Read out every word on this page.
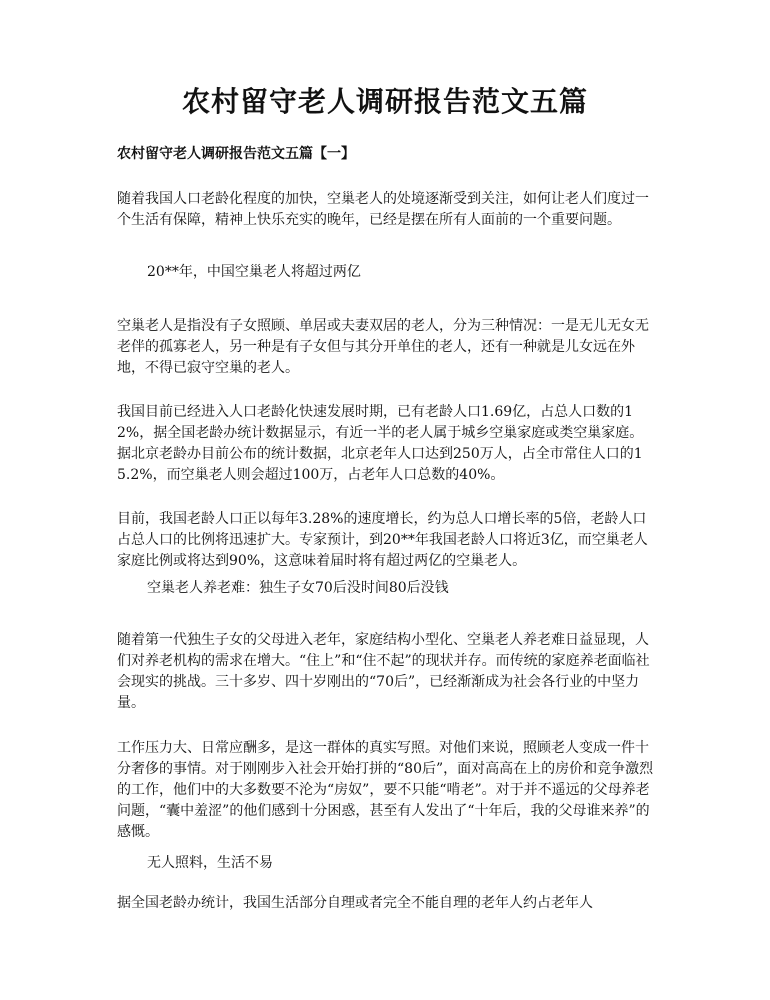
农村留守老人调研报告范文五篇
农村留守老人调研报告范文五篇【一】

随着我国人口老龄化程度的加快，空巢老人的处境逐渐受到关注，如何让老人们度过一个生活有保障，精神上快乐充实的晚年，已经是摆在所有人面前的一个重要问题。

20**年，中国空巢老人将超过两亿

空巢老人是指没有子女照顾、单居或夫妻双居的老人，分为三种情况：一是无儿无女无老伴的孤寡老人，另一种是有子女但与其分开单住的老人，还有一种就是儿女远在外地，不得已寂守空巢的老人。

我国目前已经进入人口老龄化快速发展时期，已有老龄人口1.69亿，占总人口数的12%，据全国老龄办统计数据显示，有近一半的老人属于城乡空巢家庭或类空巢家庭。据北京老龄办目前公布的统计数据，北京老年人口达到250万人，占全市常住人口的15.2%，而空巢老人则会超过100万，占老年人口总数的40%。

目前，我国老龄人口正以每年3.28%的速度增长，约为总人口增长率的5倍，老龄人口占总人口的比例将迅速扩大。专家预计，到20**年我国老龄人口将近3亿，而空巢老人家庭比例或将达到90%，这意味着届时将有超过两亿的空巢老人。

空巢老人养老难：独生子女70后没时间80后没钱

随着第一代独生子女的父母进入老年，家庭结构小型化、空巢老人养老难日益显现，人们对养老机构的需求在增大。“住上”和“住不起”的现状并存。而传统的家庭养老面临社会现实的挑战。三十多岁、四十岁刚出的“70后”，已经渐渐成为社会各行业的中坚力量。

工作压力大、日常应酬多，是这一群体的真实写照。对他们来说，照顾老人变成一件十分奢侈的事情。对于刚刚步入社会开始打拼的“80后”，面对高高在上的房价和竞争激烈的工作，他们中的大多数要不沦为“房奴”，要不只能“啃老”。对于并不遥远的父母养老问题，“囊中羞涩”的他们感到十分困惑，甚至有人发出了“十年后，我的父母谁来养”的感慨。

无人照料，生活不易

据全国老龄办统计，我国生活部分自理或者完全不能自理的老年人约占老年人
